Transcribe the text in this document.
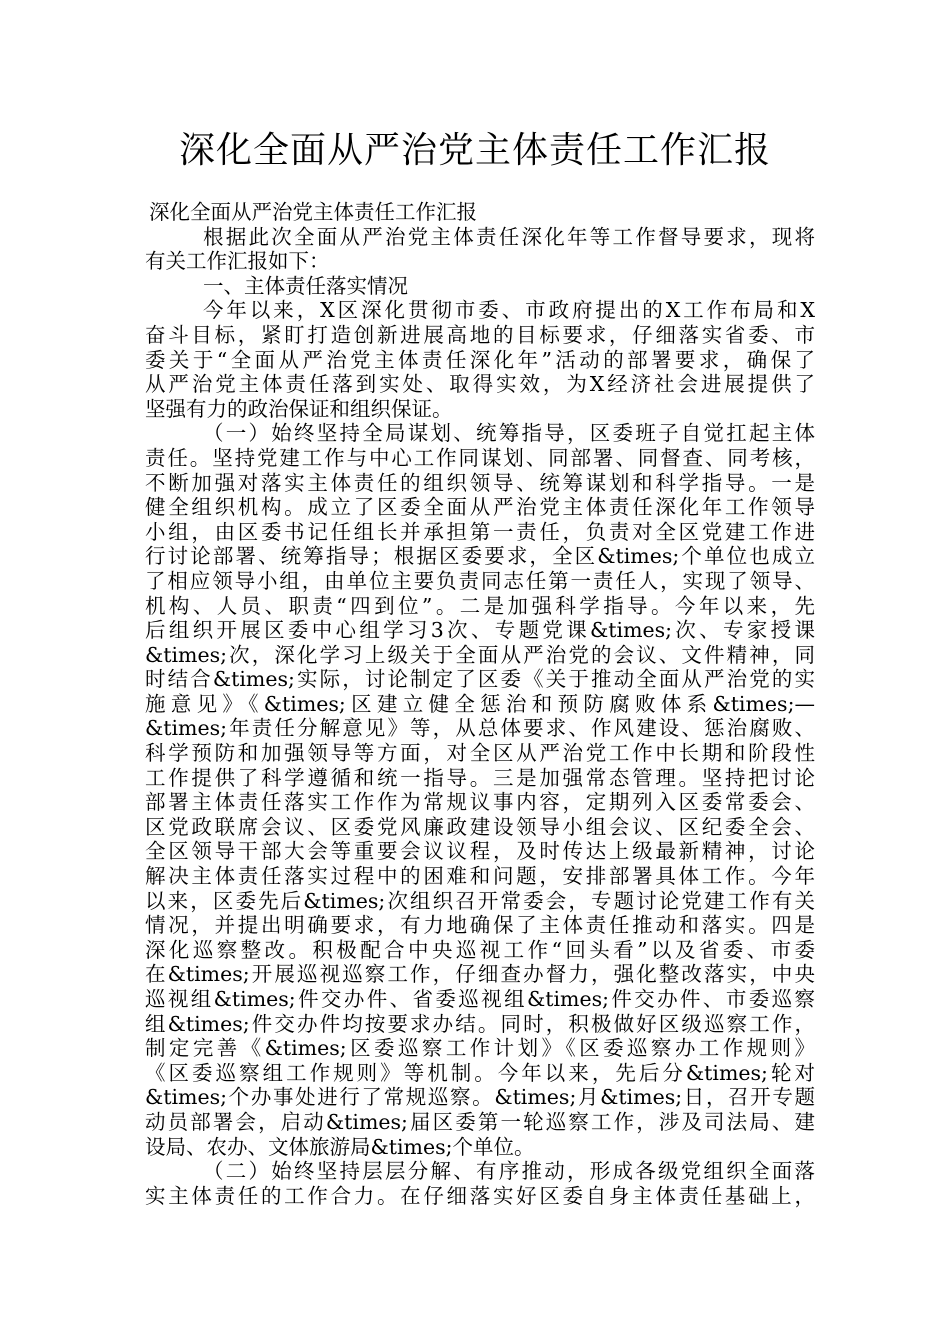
深化全面从严治党主体责任工作汇报
深化全面从严治党主体责任工作汇报
根据此次全面从严治党主体责任深化年等工作督导要求，现将
有关工作汇报如下：
一、主体责任落实情况
今年以来，X区深化贯彻市委、市政府提出的X工作布局和X
奋斗目标，紧盯打造创新进展高地的目标要求，仔细落实省委、市
委关于“全面从严治党主体责任深化年”活动的部署要求，确保了
从严治党主体责任落到实处、取得实效，为X经济社会进展提供了
坚强有力的政治保证和组织保证。
（一）始终坚持全局谋划、统筹指导，区委班子自觉扛起主体
责任。坚持党建工作与中心工作同谋划、同部署、同督查、同考核，
不断加强对落实主体责任的组织领导、统筹谋划和科学指导。一是
健全组织机构。成立了区委全面从严治党主体责任深化年工作领导
小组，由区委书记任组长并承担第一责任，负责对全区党建工作进
行讨论部署、统筹指导；根据区委要求，全区&times;个单位也成立
了相应领导小组，由单位主要负责同志任第一责任人，实现了领导、
机构、人员、职责“四到位”。二是加强科学指导。今年以来，先
后组织开展区委中心组学习3次、专题党课&times;次、专家授课
&times;次，深化学习上级关于全面从严治党的会议、文件精神，同
时结合&times;实际，讨论制定了区委《关于推动全面从严治党的实
施意见》《&times;区建立健全惩治和预防腐败体系&times;—
&times;年责任分解意见》等，从总体要求、作风建设、惩治腐败、
科学预防和加强领导等方面，对全区从严治党工作中长期和阶段性
工作提供了科学遵循和统一指导。三是加强常态管理。坚持把讨论
部署主体责任落实工作作为常规议事内容，定期列入区委常委会、
区党政联席会议、区委党风廉政建设领导小组会议、区纪委全会、
全区领导干部大会等重要会议议程，及时传达上级最新精神，讨论
解决主体责任落实过程中的困难和问题，安排部署具体工作。今年
以来，区委先后&times;次组织召开常委会，专题讨论党建工作有关
情况，并提出明确要求，有力地确保了主体责任推动和落实。四是
深化巡察整改。积极配合中央巡视工作“回头看”以及省委、市委
在&times;开展巡视巡察工作，仔细查办督力，强化整改落实，中央
巡视组&times;件交办件、省委巡视组&times;件交办件、市委巡察
组&times;件交办件均按要求办结。同时，积极做好区级巡察工作，
制定完善《&times;区委巡察工作计划》《区委巡察办工作规则》
《区委巡察组工作规则》等机制。今年以来，先后分&times;轮对
&times;个办事处进行了常规巡察。&times;月&times;日，召开专题
动员部署会，启动&times;届区委第一轮巡察工作，涉及司法局、建
设局、农办、文体旅游局&times;个单位。
（二）始终坚持层层分解、有序推动，形成各级党组织全面落
实主体责任的工作合力。在仔细落实好区委自身主体责任基础上，
